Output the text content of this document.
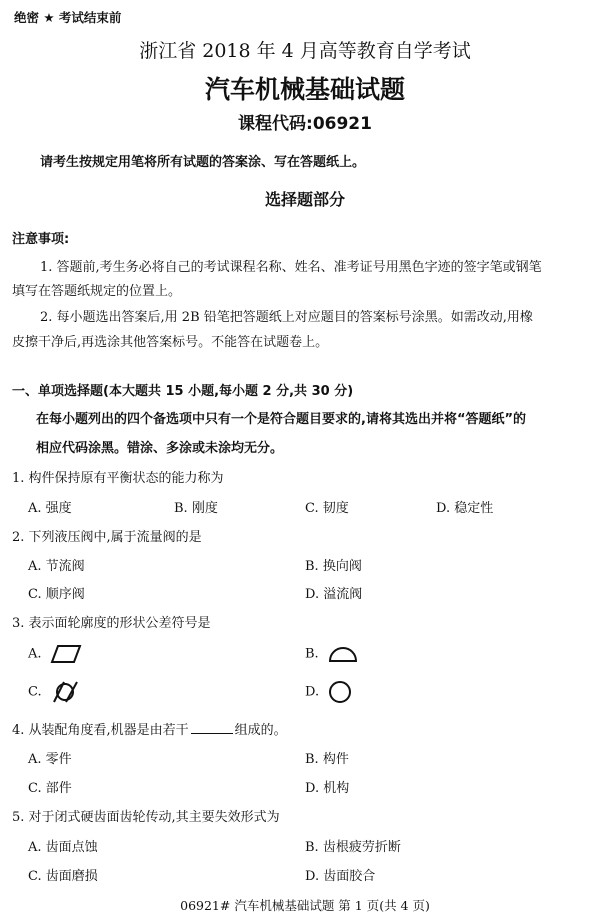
绝密 ★ 考试结束前
浙江省 2018 年 4 月高等教育自学考试
汽车机械基础试题
课程代码:06921
请考生按规定用笔将所有试题的答案涂、写在答题纸上。
选择题部分
注意事项:
1. 答题前,考生务必将自己的考试课程名称、姓名、准考证号用黑色字迹的签字笔或钢笔
填写在答题纸规定的位置上。
2. 每小题选出答案后,用 2B 铅笔把答题纸上对应题目的答案标号涂黑。如需改动,用橡
皮擦干净后,再选涂其他答案标号。不能答在试题卷上。
一、单项选择题(本大题共 15 小题,每小题 2 分,共 30 分)
在每小题列出的四个备选项中只有一个是符合题目要求的,请将其选出并将“答题纸”的
相应代码涂黑。错涂、多涂或未涂均无分。
1. 构件保持原有平衡状态的能力称为
A. 强度	B. 刚度	C. 韧度	D. 稳定性
2. 下列液压阀中,属于流量阀的是
A. 节流阀	B. 换向阀
C. 顺序阀	D. 溢流阀
3. 表示面轮廓度的形状公差符号是
A.	B.
C.	D.
4. 从装配角度看,机器是由若干	组成的。
A. 零件	B. 构件
C. 部件	D. 机构
5. 对于闭式硬齿面齿轮传动,其主要失效形式为
A. 齿面点蚀	B. 齿根疲劳折断
C. 齿面磨损	D. 齿面胶合
06921# 汽车机械基础试题 第 1 页(共 4 页)
